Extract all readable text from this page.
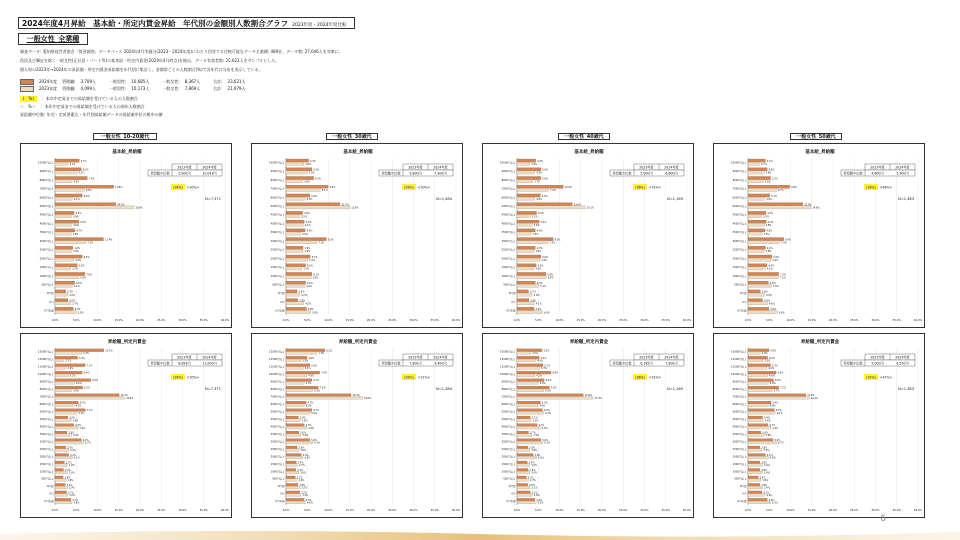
2024年度4月昇給　基本給・所定内賃金昇給　年代別の金額別人数割合グラフ 2023年度・2024年度比較
一般女性_全業種
調査データ: 愛知県経営者協会「賃金調査」データベース 2024年4月実施分(2023・2024年度)にわたり回答する比較可能なデータ全業種: 489社、データ数: 27,646人を対象に、
役員及び嘱託を除く一般女性(正社員・パート等)の基本給・所定内賃金(2024年4月時点)を抽出、データ有効者数: 25,621人をサンプルとした。
個人毎の2023年→2024年の昇給額・所定内賃金昇給額を年代別に集計し、金額帯ごとの人数割合(%)で各年代の分布を表示している。
2024年度 管理職: 3,709人	一般男性: 10,685人	一般女性: 8,367人	合計: 23,621人
2023年度 管理職: 4,099人	一般男性: 10,173人	一般女性: 7,869人	合計: 21,979人
(　%)	：本年中定昇までの昇給額を受けている人の人数割合
＜　%＞ ：本年中定昇までの昇給額を受けている人の前年人数割合
昇給額中位数: 年功・定昇要素込・年代別昇給額データの昇給額中位の集中の値
一般女性_10-20歳代	一般女性_30歳代	一般女性_40歳代	一般女性_50歳代
基本給_昇給額
0.0%	5.0%	10.0%	15.0%	20.0%	25.0%	30.0%	35.0%	40.0%
10000円以上
5.7%
3.1%
9000円以上
6.2%
5.2%
8000円以上
7.6%
4.0%
7000円以上
13.8%
6.9%
6000円以上
6.4%
4.1%
5000円以上
14.3%
18.6%
4500円以上
4.5%
3.9%
4000円以上
5.6%
3.9%
3500円以上
4.7%
3.8%
3000円以上
11.4%
7.3%
2500円以上
4.2%
3.9%
2000円以上
6.4%
4.4%
1500円以上
5.2%
3.7%
1000円以上
7.0%
5.6%
500円以上
4.6%
4.1%
0円超
2.5%
3.0%
0円
3.0%
3.7%
0円未満
4.3%
5.0%
2023年度	2024年度
昇給額中位数	5,900円	10,043円
(34%) <30%>
N=7,371
基本給_昇給額
0.0%	5.0%	10.0%	15.0%	20.0%	25.0%	30.0%	35.0%	40.0%
10000円以上
5.3%
4.2%
9000円以上
6.1%
5.0%
8000円以上
6.5%
3.9%
7000円以上
9.9%
8.1%
6000円以上
5.6%
4.5%
5000円以上
12.7%
15.0%
4500円以上
3.9%
3.2%
4000円以上
4.3%
4.1%
3500円以上
4.5%
3.4%
3000円以上
9.5%
7.3%
2500円以上
4.0%
4.0%
2000円以上
5.7%
5.1%
1500円以上
4.6%
3.7%
1000円以上
6.1%
5.9%
500円以上
4.6%
4.4%
0円超
2.6%
3.2%
0円
2.8%
4.2%
0円未満
4.8%
5.8%
2023年度	2024年度
昇給額中位数	5,800円	7,900円
(29%) <30%>
N=1,584
基本給_昇給額
0.0%	5.0%	10.0%	15.0%	20.0%	25.0%	30.0%	35.0%	40.0%
10000円以上
4.4%
3.0%
9000円以上
5.6%
4.2%
8000円以上
5.6%
3.7%
7000円以上
10.9%
7.4%
6000円以上
5.5%
4.2%
5000円以上
13.0%
16.1%
4500円以上
4.6%
3.1%
4000円以上
5.2%
3.6%
3500円以上
4.3%
3.3%
3000円以上
8.5%
7.3%
2500円以上
4.3%
4.0%
2000円以上
5.6%
5.4%
1500円以上
4.5%
4.0%
1000円以上
6.8%
6.9%
500円以上
4.3%
5.1%
0円超
2.7%
3.6%
0円
2.8%
4.1%
0円未満
4.0%
6.0%
2023年度	2024年度
昇給額中位数	5,000円	6,600円
(36%) <31%>
N=1,169
基本給_昇給額
0.0%	5.0%	10.0%	15.0%	20.0%	25.0%	30.0%	35.0%	40.0%
10000円以上
4.1%
2.7%
9000円以上
4.5%
3.8%
8000円以上
5.3%
3.6%
7000円以上
9.8%
6.7%
6000円以上
5.1%
3.9%
5000円以上
12.9%
14.8%
4500円以上
4.2%
3.2%
4000円以上
4.3%
3.8%
3500円以上
4.0%
3.3%
3000円以上
8.4%
7.4%
2500円以上
4.1%
3.8%
2000円以上
5.6%
5.4%
1500円以上
4.4%
4.1%
1000円以上
7.2%
7.1%
500円以上
4.8%
5.5%
0円超
2.9%
3.9%
0円
3.4%
4.6%
0円未満
4.9%
6.9%
2023年度	2024年度
昇給額中位数	4,600円	5,900円
(28%) <46%>
N=1,383
昇給額_所定内賃金
0.0%	5.0%	10.0%	15.0%	20.0%	25.0%	30.0%	35.0%	40.0%
15000円以上	11.5%
6.3%
12500円以上	5.3%
2.1%
11000円以上	7.1%
2.6%
10000円以上	6.4%
3.1%
9000円以上	8.4%
4.6%
8000円以上	6.5%
3.9%
7000円以上	15.1%
16.4%
6000円以上	5.5%
4.5%
5000円以上	7.1%
5.2%
4500円以上	3.0%
3.8%
4000円以上	4.4%
5.4%
3500円以上	2.8%
3.9%
3000円以上	6.2%
6.7%
2500円以上	2.5%
3.2%
2000円以上	3.2%
4.1%
1500円以上	2.2%
2.9%
1000円以上	2.0%
2.9%
500円以上	1.9%
2.6%
0円超	2.4%
2.9%
0円	2.7%
3.0%
0円未満	3.7%
4.0%
2023年度	2024年度
昇給額中位数	8,083円	11,000円
(34%) <30%>
N=7,371
昇給額_所定内賃金
0.0%	5.0%	10.0%	15.0%	20.0%	25.0%	30.0%	35.0%	40.0%
15000円以上	9.1%
7.3%
12500円以上	4.9%
3.5%
11000円以上	5.6%
4.1%
10000円以上	7.9%
4.9%
9000円以上	6.1%
4.3%
8000円以上	7.6%
6.3%
7000円以上	15.3%
18.0%
6000円以上	4.7%
4.3%
5000円以上	6.1%
5.6%
4500円以上	2.9%
3.3%
4000円以上	4.3%
4.9%
3500円以上	3.0%
3.5%
3000円以上	5.6%
6.3%
2500円以上	2.6%
3.0%
2000円以上	3.6%
4.0%
1500円以上	2.4%
2.7%
1000円以上	2.3%
3.0%
500円以上	2.2%
2.6%
0円超	2.8%
3.2%
0円	3.2%
3.5%
0円未満	4.3%
4.6%
2023年度	2024年度
昇給額中位数	7,800円	9,400円
(29%) <31%>
N=1,384
昇給額_所定内賃金
0.0%	5.0%	10.0%	15.0%	20.0%	25.0%	30.0%	35.0%	40.0%
15000円以上	5.9%
3.2%
12500円以上	5.2%
4.4%
11000円以上	6.1%
5.3%
10000円以上	8.0%
4.2%
9000円以上	6.4%
5.0%
8000円以上	7.6%
6.3%
7000円以上	15.6%
17.9%
6000円以上	5.5%
4.9%
5000円以上	6.0%
6.3%
4500円以上	3.1%
3.3%
4000円以上	4.7%
5.5%
3500円以上	2.7%
3.5%
3000円以上	5.6%
6.1%
2500円以上	2.5%
3.0%
2000円以上	3.8%
4.6%
1500円以上	2.4%
3.0%
1000円以上	2.6%
3.0%
500円以上	2.2%
2.7%
0円超	2.5%
3.1%
0円	3.1%
3.6%
0円未満	4.2%
4.5%
2023年度	2024年度
昇給額中位数	6,185円	7,800円
(36%) <31%>
N=1,169
昇給額_所定内賃金
0.0%	5.0%	10.0%	15.0%	20.0%	25.0%	30.0%	35.0%	40.0%
15000円以上	4.9%
2.9%
12500円以上	4.6%
3.5%
11000円以上	5.3%
4.4%
10000円以上	6.6%
4.6%
9000円以上	6.0%
4.8%
8000円以上	7.2%
5.7%
7000円以上	13.6%
14.4%
6000円以上	5.4%
4.8%
5000円以上	6.2%
6.4%
4500円以上	3.4%
3.6%
4000円以上	4.7%
5.4%
3500円以上	3.0%
3.8%
3000円以上	5.9%
6.7%
2500円以上	2.8%
3.3%
2000円以上	4.1%
4.8%
1500円以上	2.8%
3.4%
1000円以上	2.8%
3.4%
500円以上	2.4%
3.0%
0円超	2.8%
3.4%
0円	3.3%
4.0%
0円未満	4.5%
5.3%
2023年度	2024年度
昇給額中位数	5,000円	6,550円
(32%) <47%>
N=1,383
6
